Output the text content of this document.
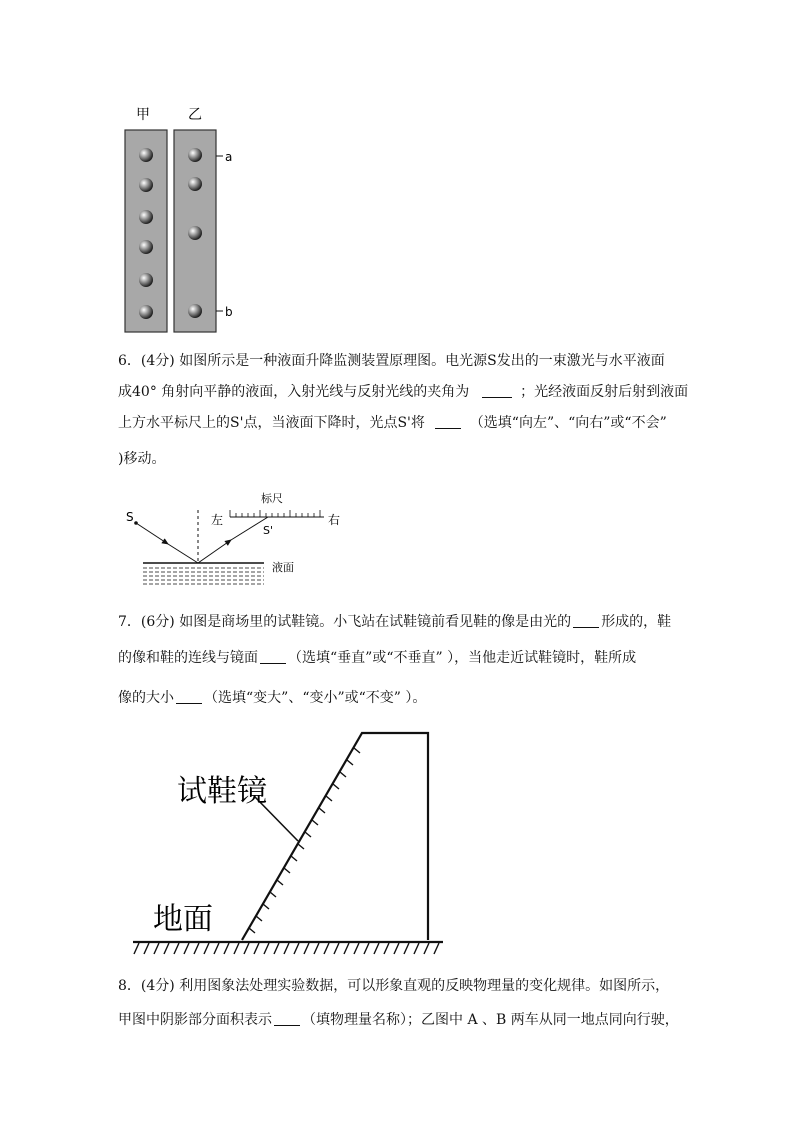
甲	乙
a
b
6．(4分) 如图所示是一种液面升降监测装置原理图。电光源S发出的一束激光与水平液面
成40° 角射向平静的液面，入射光线与反射光线的夹角为	；光经液面反射后射到液面
上方水平标尺上的S'点，当液面下降时，光点S'将	（选填“向左”、“向右”或“不会”
)移动。
S
标尺
左	右
S'
液面
7．(6分) 如图是商场里的试鞋镜。小飞站在试鞋镜前看见鞋的像是由光的 形成的，鞋
的像和鞋的连线与镜面 （选填“垂直”或“不垂直” ），当他走近试鞋镜时，鞋所成
像的大小 （选填“变大”、“变小”或“不变” ）。
试鞋镜
地面
8．(4分) 利用图象法处理实验数据，可以形象直观的反映物理量的变化规律。如图所示，
甲图中阴影部分面积表示 （填物理量名称）；乙图中 A 、B 两车从同一地点同向行驶，
